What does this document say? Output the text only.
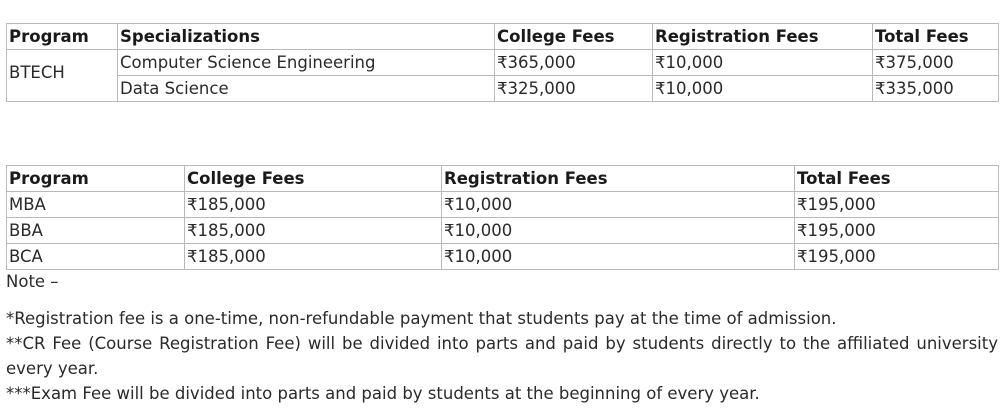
Program	Specializations	College Fees	Registration Fees	Total Fees
BTECH	Computer Science Engineering	₹365,000	₹10,000	₹375,000
	Data Science	₹325,000	₹10,000	₹335,000
Program	College Fees	Registration Fees	Total Fees
MBA	₹185,000	₹10,000	₹195,000
BBA	₹185,000	₹10,000	₹195,000
BCA	₹185,000	₹10,000	₹195,000
Note –

*Registration fee is a one-time, non-refundable payment that students pay at the time of admission.

**CR Fee (Course Registration Fee) will be divided into parts and paid by students directly to the affiliated university every year.

***Exam Fee will be divided into parts and paid by students at the beginning of every year.
